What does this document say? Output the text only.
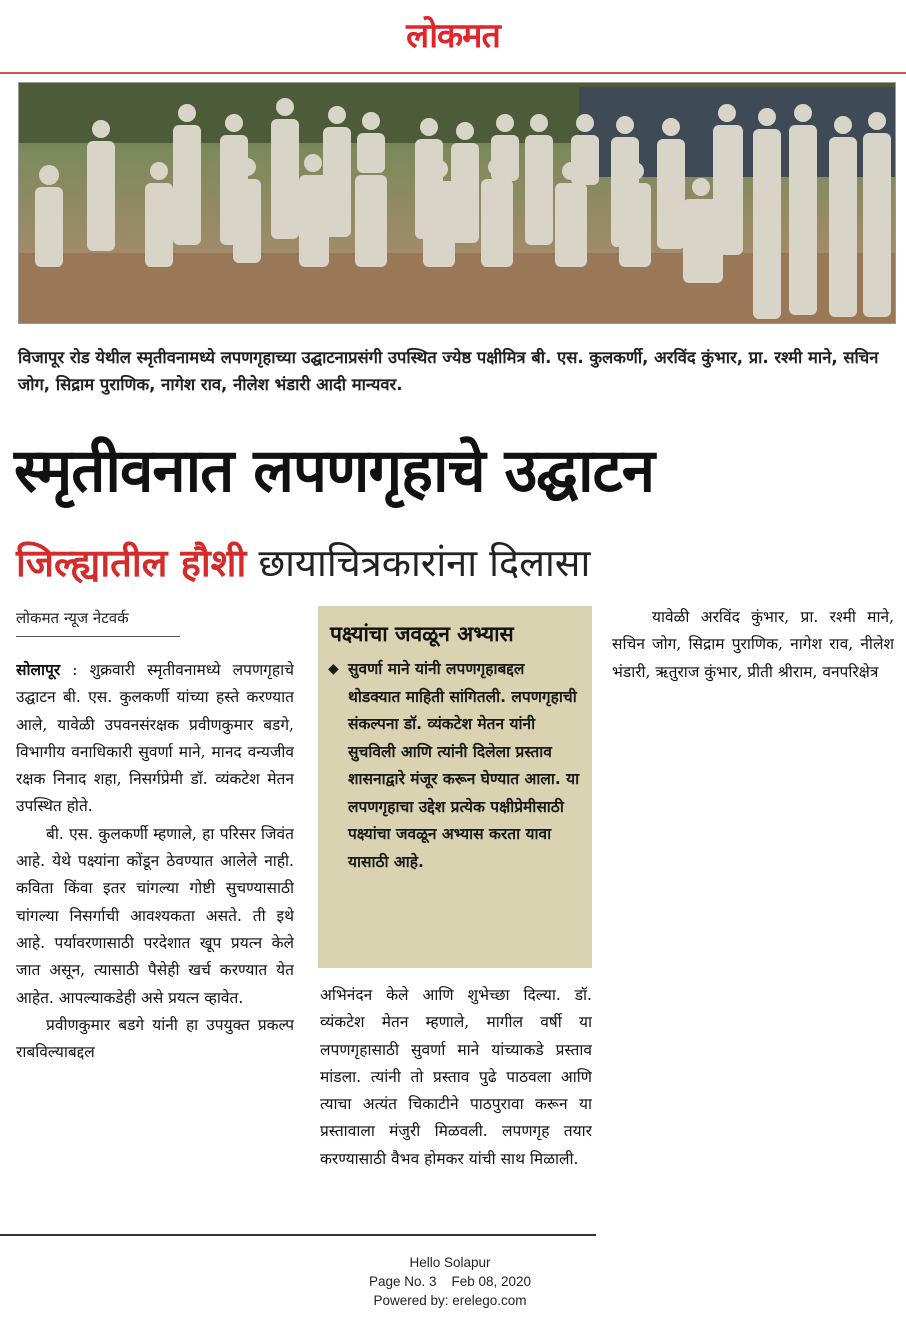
लोकमत
विजापूर रोड येथील स्मृतीवनामध्ये लपणगृहाच्या उद्घाटनाप्रसंगी उपस्थित ज्येष्ठ पक्षीमित्र बी. एस. कुलकर्णी, अरविंद कुंभार, प्रा. रश्मी माने, सचिन जोग, सिद्राम पुराणिक, नागेश राव, नीलेश भंडारी आदी मान्यवर.
स्मृतीवनात लपणगृहाचे उद्घाटन
जिल्ह्यातील हौशी छायाचित्रकारांना दिलासा
लोकमत न्यूज नेटवर्क

सोलापूर : शुक्रवारी स्मृतीवनामध्ये लपणगृहाचे उद्घाटन बी. एस. कुलकर्णी यांच्या हस्ते करण्यात आले, यावेळी उपवनसंरक्षक प्रवीणकुमार बडगे, विभागीय वनाधिकारी सुवर्णा माने, मानद वन्यजीव रक्षक निनाद शहा, निसर्गप्रेमी डॉ. व्यंकटेश मेतन उपस्थित होते.

बी. एस. कुलकर्णी म्हणाले, हा परिसर जिवंत आहे. येथे पक्ष्यांना कोंडून ठेवण्यात आलेले नाही. कविता किंवा इतर चांगल्या गोष्टी सुचण्यासाठी चांगल्या निसर्गाची आवश्यकता असते. ती इथे आहे. पर्यावरणासाठी परदेशात खूप प्रयत्न केले जात असून, त्यासाठी पैसेही खर्च करण्यात येत आहेत. आपल्याकडेही असे प्रयत्न व्हावेत.

प्रवीणकुमार बडगे यांनी हा उपयुक्त प्रकल्प राबविल्याबद्दल

पक्ष्यांचा जवळून अभ्यास
◆ सुवर्णा माने यांनी लपणगृहाबद्दल थोडक्यात माहिती सांगितली. लपणगृहाची संकल्पना डॉ. व्यंकटेश मेतन यांनी सुचविली आणि त्यांनी दिलेला प्रस्ताव शासनाद्वारे मंजूर करून घेण्यात आला. या लपणगृहाचा उद्देश प्रत्येक पक्षीप्रेमीसाठी पक्ष्यांचा जवळून अभ्यास करता यावा यासाठी आहे.

अभिनंदन केले आणि शुभेच्छा दिल्या. डॉ. व्यंकटेश मेतन म्हणाले, मागील वर्षी या लपणगृहासाठी सुवर्णा माने यांच्याकडे प्रस्ताव मांडला. त्यांनी तो प्रस्ताव पुढे पाठवला आणि त्याचा अत्यंत चिकाटीने पाठपुरावा करून या प्रस्तावाला मंजुरी मिळवली. लपणगृह तयार करण्यासाठी वैभव होमकर यांची साथ मिळाली.

यावेळी अरविंद कुंभार, प्रा. रश्मी माने, सचिन जोग, सिद्राम पुराणिक, नागेश राव, नीलेश भंडारी, ऋतुराज कुंभार, प्रीती श्रीराम, वनपरिक्षेत्र

Hello Solapur
Page No. 3    Feb 08, 2020
Powered by: erelego.com
